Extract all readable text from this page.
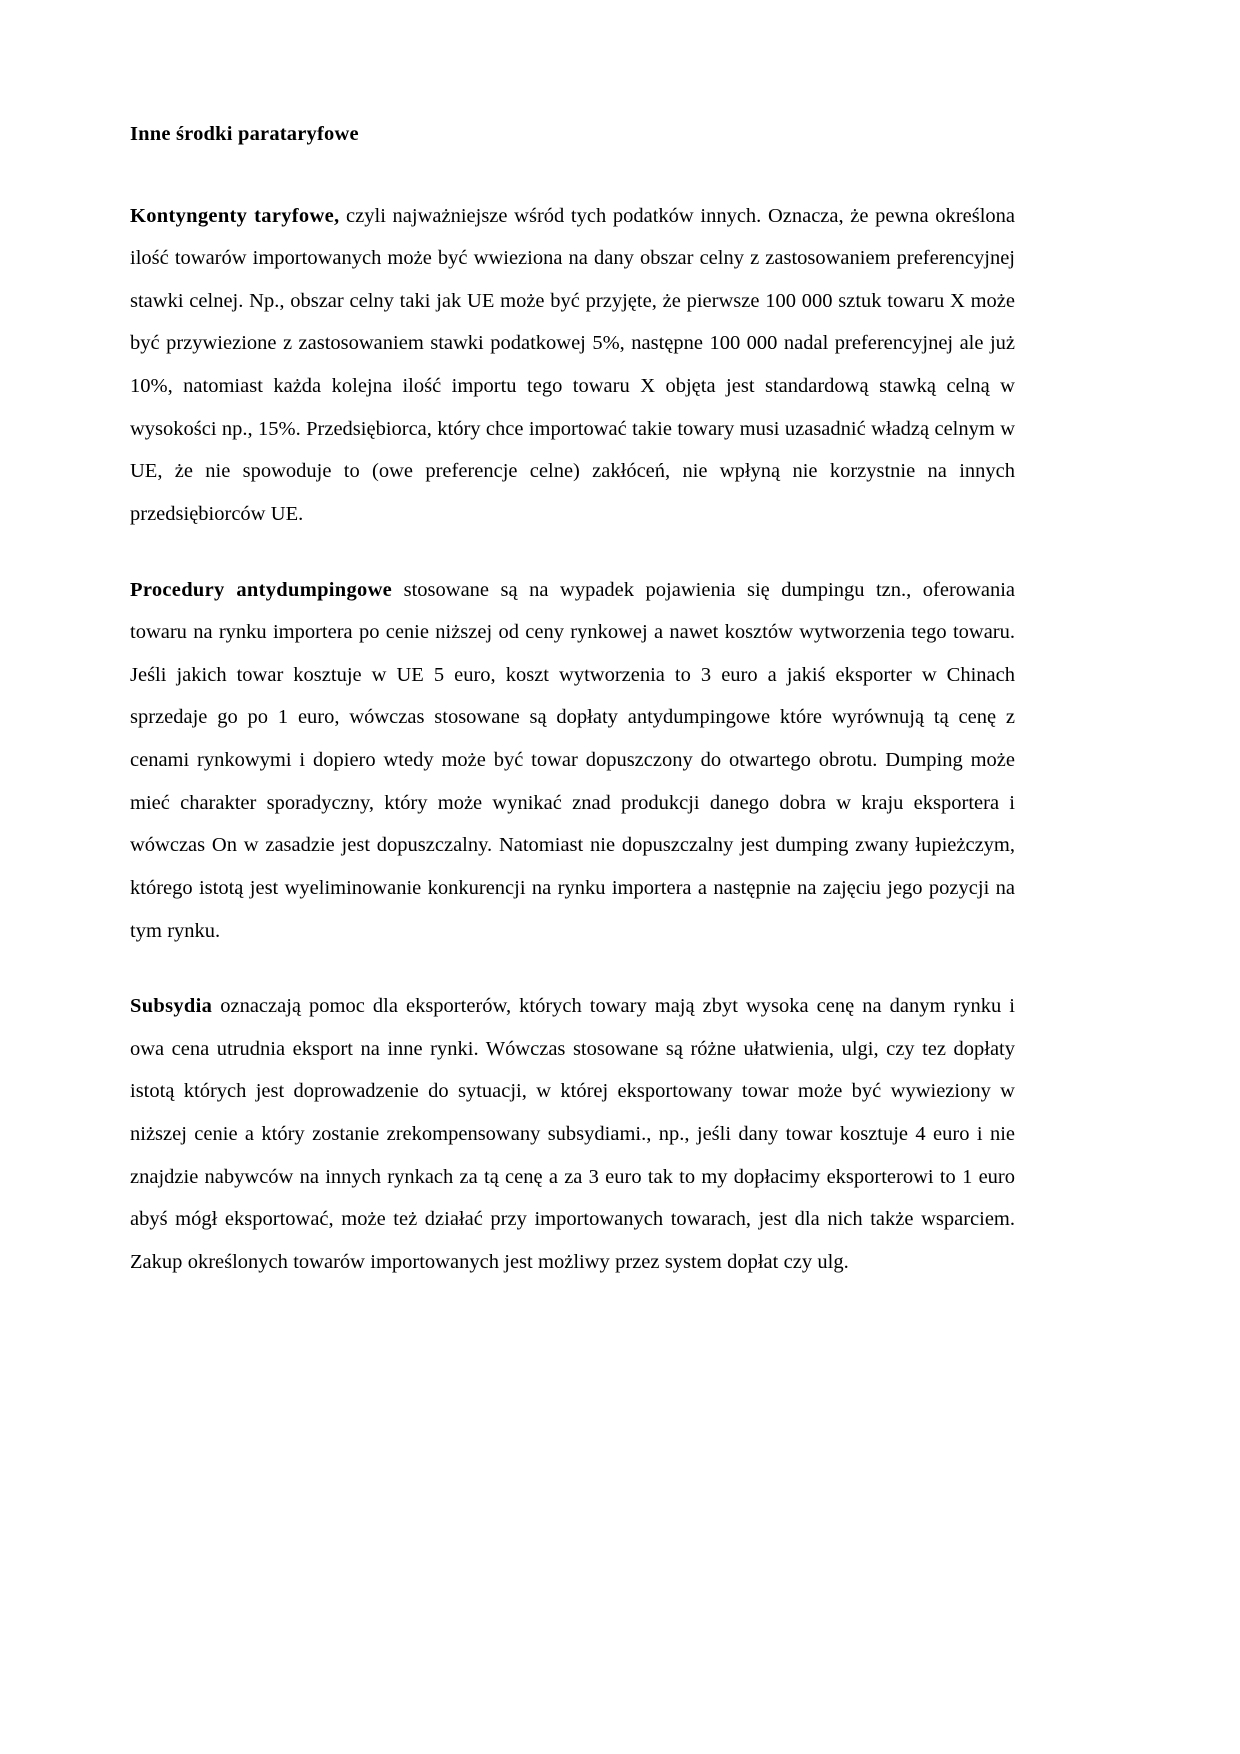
Inne środki parataryfowe

Kontyngenty taryfowe, czyli najważniejsze wśród tych podatków innych. Oznacza, że pewna określona ilość towarów importowanych może być wwieziona na dany obszar celny z zastosowaniem preferencyjnej stawki celnej. Np., obszar celny taki jak UE może być przyjęte, że pierwsze 100 000 sztuk towaru X może być przywiezione z zastosowaniem stawki podatkowej 5%, następne 100 000 nadal preferencyjnej ale już 10%, natomiast każda kolejna ilość importu tego towaru X objęta jest standardową stawką celną w wysokości np., 15%. Przedsiębiorca, który chce importować takie towary musi uzasadnić władzą celnym w UE, że nie spowoduje to (owe preferencje celne) zakłóceń, nie wpłyną nie korzystnie na innych przedsiębiorców UE.

Procedury antydumpingowe stosowane są na wypadek pojawienia się dumpingu tzn., oferowania towaru na rynku importera po cenie niższej od ceny rynkowej a nawet kosztów wytworzenia tego towaru. Jeśli jakich towar kosztuje w UE 5 euro, koszt wytworzenia to 3 euro a jakiś eksporter w Chinach sprzedaje go po 1 euro, wówczas stosowane są dopłaty antydumpingowe które wyrównują tą cenę z cenami rynkowymi i dopiero wtedy może być towar dopuszczony do otwartego obrotu. Dumping może mieć charakter sporadyczny, który może wynikać znad produkcji danego dobra w kraju eksportera i wówczas On w zasadzie jest dopuszczalny. Natomiast nie dopuszczalny jest dumping zwany łupieżczym, którego istotą jest wyeliminowanie konkurencji na rynku importera a następnie na zajęciu jego pozycji na tym rynku.

Subsydia oznaczają pomoc dla eksporterów, których towary mają zbyt wysoka cenę na danym rynku i owa cena utrudnia eksport na inne rynki. Wówczas stosowane są różne ułatwienia, ulgi, czy tez dopłaty istotą których jest doprowadzenie do sytuacji, w której eksportowany towar może być wywieziony w niższej cenie a który zostanie zrekompensowany subsydiami., np., jeśli dany towar kosztuje 4 euro i nie znajdzie nabywców na innych rynkach za tą cenę a za 3 euro tak to my dopłacimy eksporterowi to 1 euro abyś mógł eksportować, może też działać przy importowanych towarach, jest dla nich także wsparciem. Zakup określonych towarów importowanych jest możliwy przez system dopłat czy ulg.
